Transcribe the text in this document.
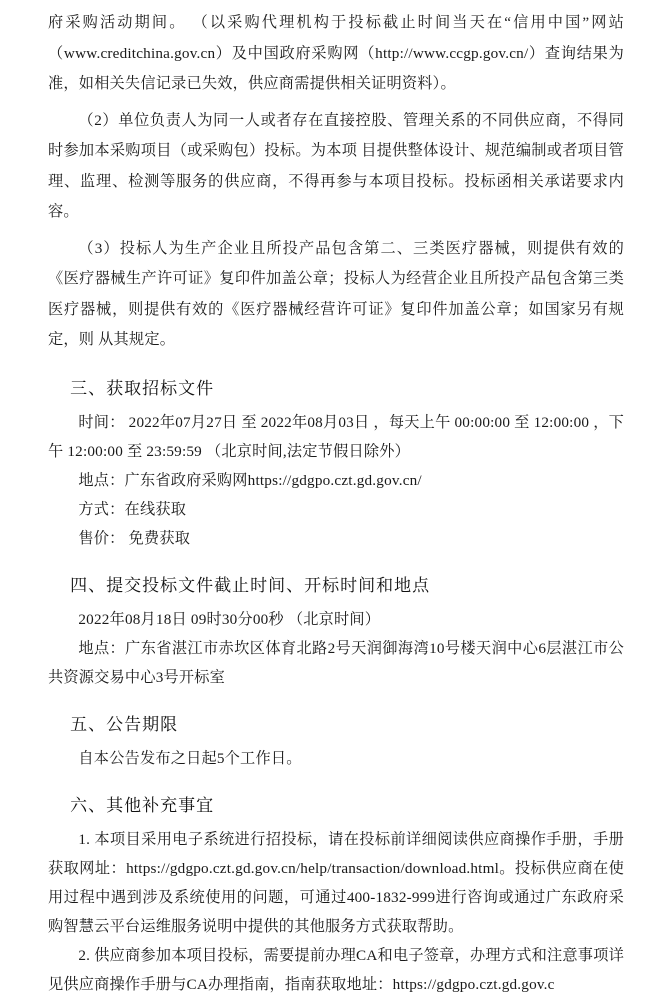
府采购活动期间。 （以采购代理机构于投标截止时间当天在“信用中国”网站（www.creditchina.gov.cn）及中国政府采购网（http://www.ccgp.gov.cn/）查询结果为准，如相关失信记录已失效，供应商需提供相关证明资料）。

（2）单位负责人为同一人或者存在直接控股、管理关系的不同供应商，不得同时参加本采购项目（或采购包）投标。为本项 目提供整体设计、规范编制或者项目管理、监理、检测等服务的供应商，不得再参与本项目投标。投标函相关承诺要求内容。

（3）投标人为生产企业且所投产品包含第二、三类医疗器械，则提供有效的《医疗器械生产许可证》复印件加盖公章；投标人为经营企业且所投产品包含第三类医疗器械，则提供有效的《医疗器械经营许可证》复印件加盖公章；如国家另有规定，则 从其规定。

三、获取招标文件

时间： 2022年07月27日 至 2022年08月03日 ，每天上午 00:00:00 至 12:00:00 ，下午 12:00:00 至 23:59:59 （北京时间,法定节假日除外）

地点：广东省政府采购网https://gdgpo.czt.gd.gov.cn/

方式：在线获取

售价： 免费获取

四、提交投标文件截止时间、开标时间和地点

2022年08月18日 09时30分00秒 （北京时间）

地点：广东省湛江市赤坎区体育北路2号天润御海湾10号楼天润中心6层湛江市公共资源交易中心3号开标室

五、公告期限

自本公告发布之日起5个工作日。

六、其他补充事宜

1. 本项目采用电子系统进行招投标，请在投标前详细阅读供应商操作手册，手册获取网址：https://gdgpo.czt.gd.gov.cn/help/transaction/download.html。投标供应商在使用过程中遇到涉及系统使用的问题，可通过400-1832-999进行咨询或通过广东政府采购智慧云平台运维服务说明中提供的其他服务方式获取帮助。

2. 供应商参加本项目投标，需要提前办理CA和电子签章，办理方式和注意事项详见供应商操作手册与CA办理指南，指南获取地址：https://gdgpo.czt.gd.gov.c
